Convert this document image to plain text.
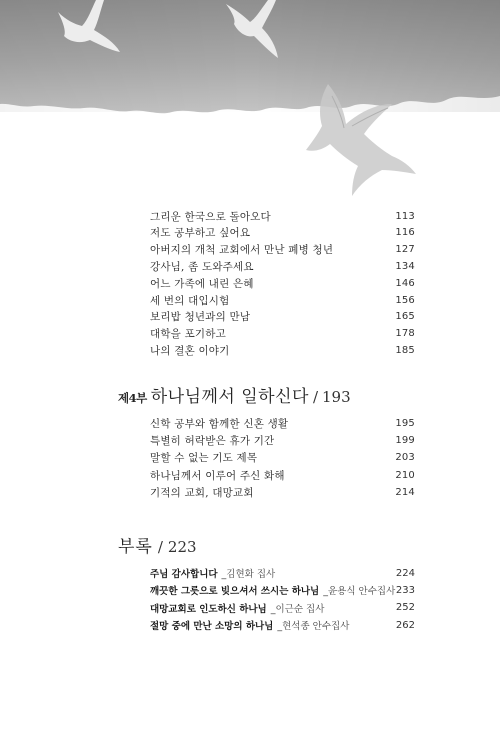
그리운 한국으로 돌아오다	113
저도 공부하고 싶어요	116
아버지의 개척 교회에서 만난 폐병 청년	127
강사님, 좀 도와주세요	134
어느 가족에 내린 은혜	146
세 번의 대입시험	156
보리밥 청년과의 만남	165
대학을 포기하고	178
나의 결혼 이야기	185
제4부 하나님께서 일하신다 / 193
신학 공부와 함께한 신혼 생활	195
특별히 허락받은 휴가 기간	199
말할 수 없는 기도 제목	203
하나님께서 이루어 주신 화해	210
기적의 교회, 대망교회	214
부록 / 223
주님 감사합니다 _김현화 집사	224
깨끗한 그릇으로 빚으셔서 쓰시는 하나님 _윤용식 안수집사 233
대망교회로 인도하신 하나님 _이근순 집사	252
절망 중에 만난 소망의 하나님 _현석종 안수집사	262
